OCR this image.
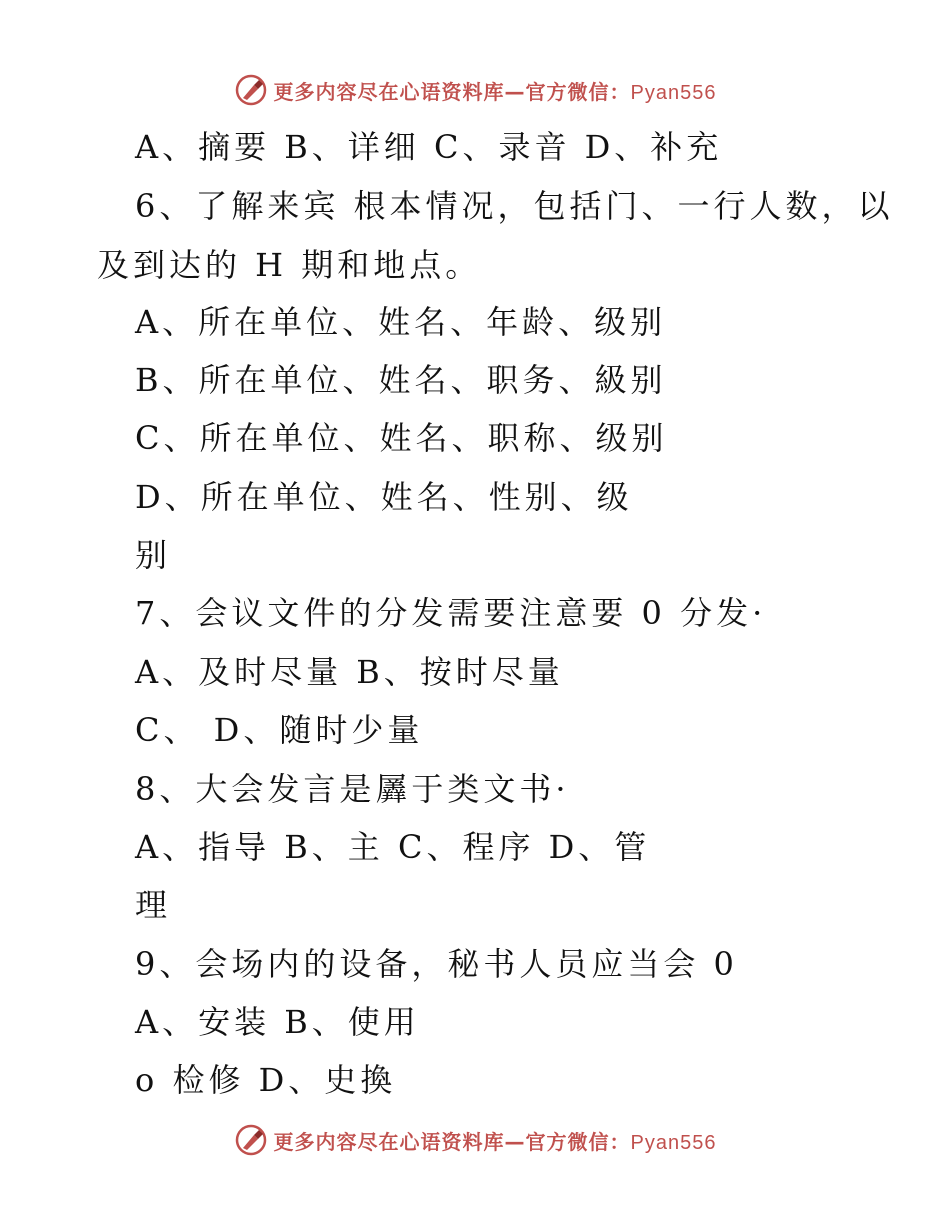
更多内容尽在心语资料库—官方微信：Pyan556

A、摘要 B、详细 C、录音 D、补充

6、了解来宾 根本情况，包括门、一行人数，以

及到达的 H 期和地点。

A、所在单位、姓名、年龄、级别

B、所在单位、姓名、职务、級别

C、所在单位、姓名、职称、级别

D、所在单位、姓名、性别、级

别

7、会议文件的分发需要注意要 0 分发·

A、及时尽量 B、按时尽量

C、 D、随时少量

8、大会发言是羼于类文书·

A、指导 B、主 C、程序 D、管

理

9、会场内的设备，秘书人员应当会 0

A、安装 B、使用

o 检修 D、史換

更多内容尽在心语资料库—官方微信：Pyan556
